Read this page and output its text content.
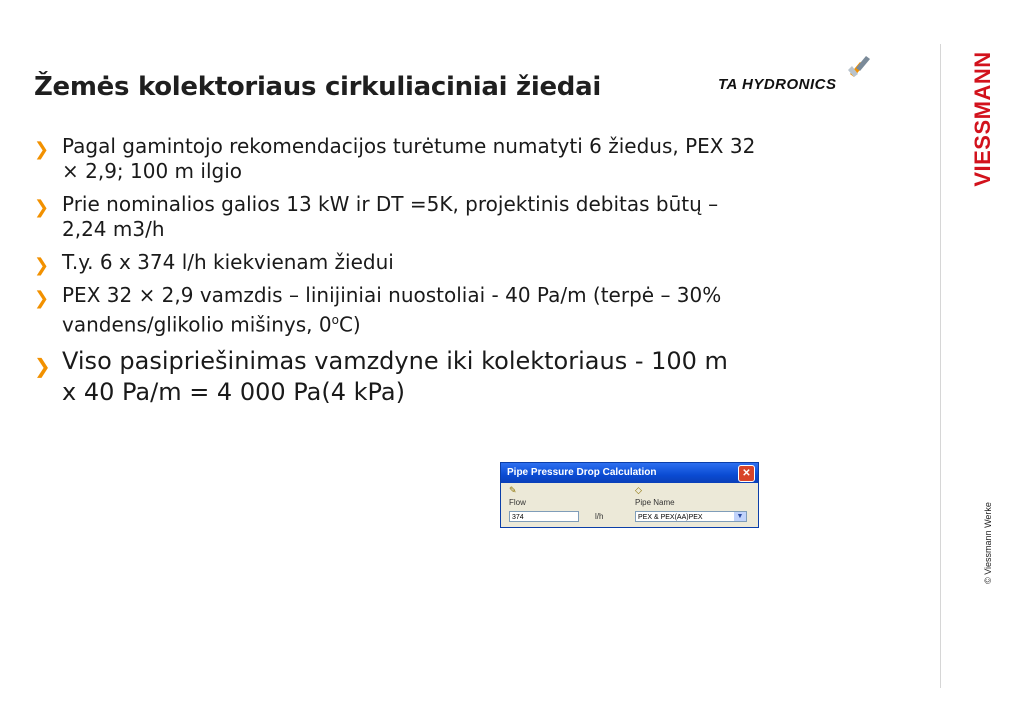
Žemės kolektoriaus cirkuliaciniai žiedai	TA HYDRONICS	VIESSMANN
© Viessmann Werke
❯ Pagal gamintojo rekomendacijos turėtume numatyti 6 žiedus, PEX 32
× 2,9; 100 m ilgio
❯ Prie nominalios galios 13 kW ir DT =5K, projektinis debitas būtų –
2,24 m3/h
❯ T.y. 6 x 374 l/h kiekvienam žiedui
❯ PEX 32 × 2,9 vamzdis – linijiniai nuostoliai - 40 Pa/m (terpė – 30%
vandens/glikolio mišinys, 0$^o$C)
❯ Viso pasipriešinimas vamzdyne iki kolektoriaus - 100 m
x 40 Pa/m = 4 000 Pa(4 kPa)
Pipe Pressure Drop Calculation	✕
✎
Flow
374	l/h
◇
Pipe Name
PEX & PEX(AA)PEX	▼
